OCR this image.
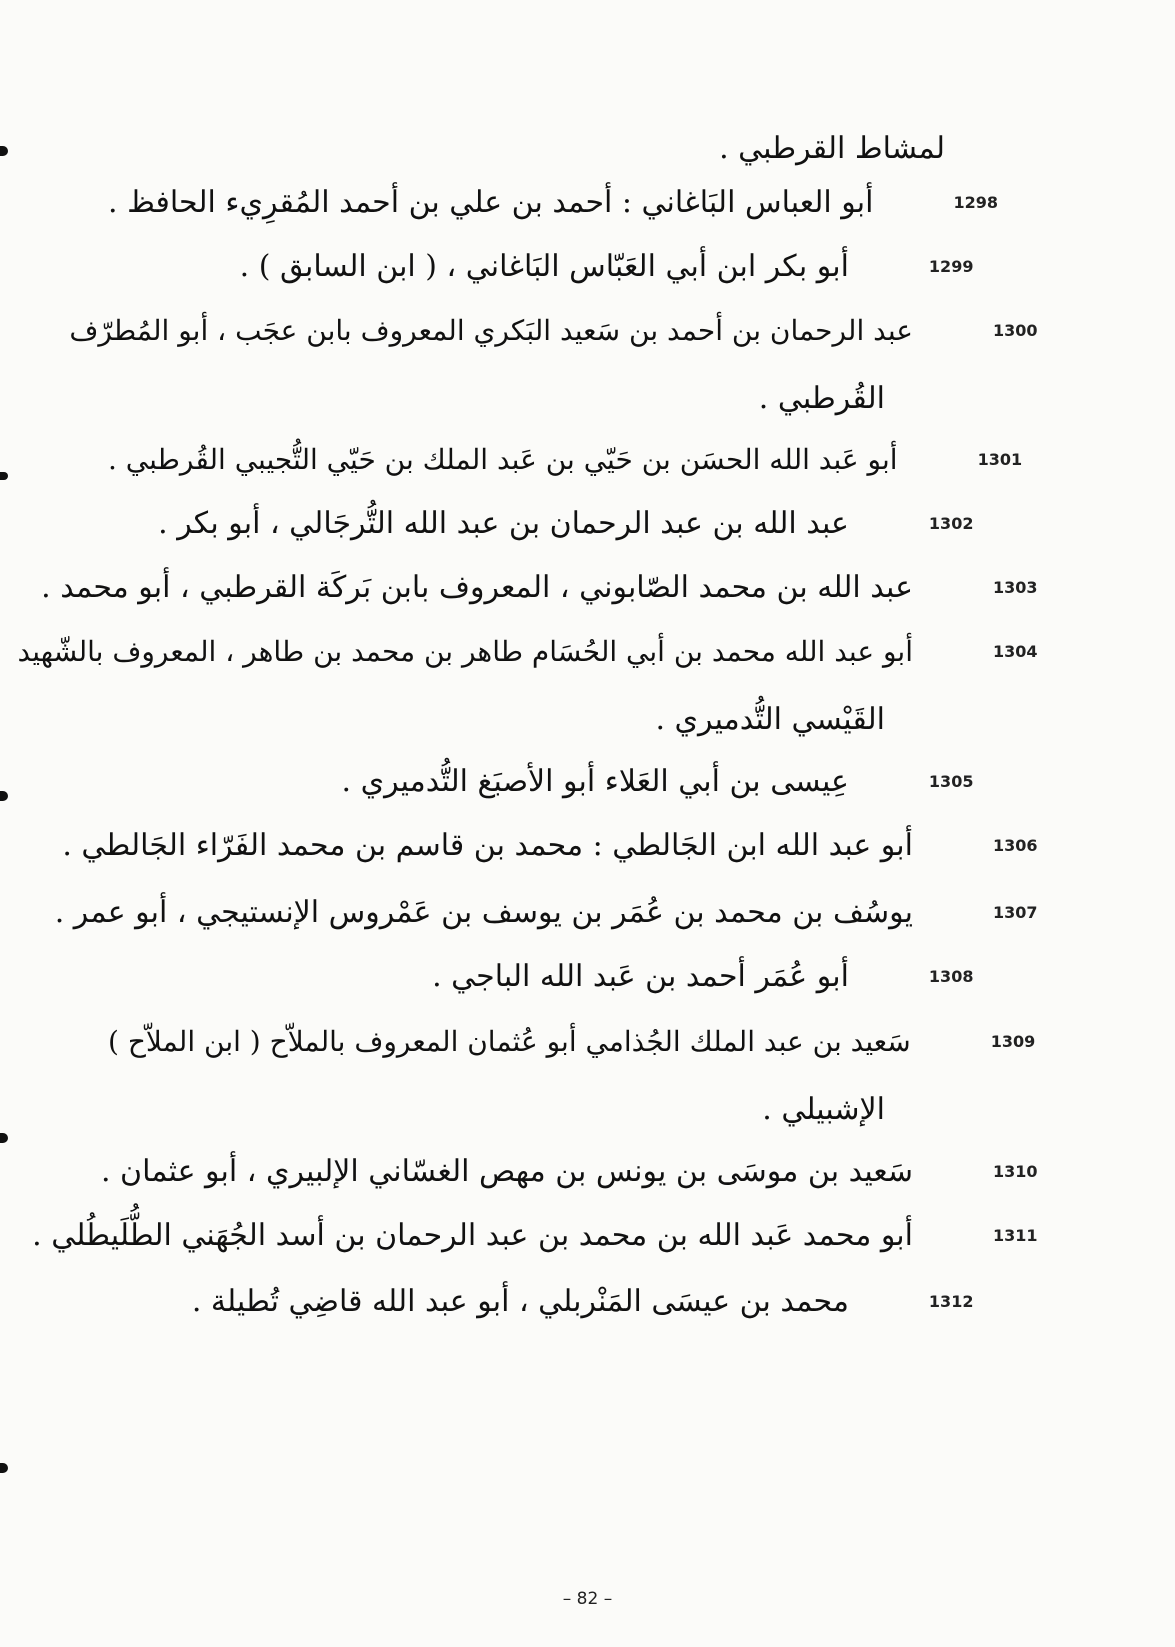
لمشاط القرطبي .
أبو العباس البَاغاني : أحمد بن علي بن أحمد المُقرِيء الحافظ .	1298
أبو بكر ابن أبي العَبّاس البَاغاني ، ( ابن السابق ) .	1299
عبد الرحمان بن أحمد بن سَعيد البَكري المعروف بابن عجَب ، أبو المُطرّف	1300
القُرطبي .
أبو عَبد الله الحسَن بن حَيّي بن عَبد الملك بن حَيّي التُّجيبي القُرطبي .	1301
عبد الله بن عبد الرحمان بن عبد الله التُّرجَالي ، أبو بكر .	1302
عبد الله بن محمد الصّابوني ، المعروف بابن بَركَة القرطبي ، أبو محمد .	1303
أبو عبد الله محمد بن أبي الحُسَام طاهر بن محمد بن طاهر ، المعروف بالشّهيد	1304
القَيْسي التُّدميري .
عِيسى بن أبي العَلاء أبو الأصبَغ التُّدميري .	1305
أبو عبد الله ابن الجَالطي : محمد بن قاسم بن محمد الفَرّاء الجَالطي .	1306
يوسُف بن محمد بن عُمَر بن يوسف بن عَمْروس الإنستيجي ، أبو عمر .	1307
أبو عُمَر أحمد بن عَبد الله الباجي .	1308
سَعيد بن عبد الملك الجُذامي أبو عُثمان المعروف بالملاّح ( ابن الملاّح )	1309
الإشبيلي .
سَعيد بن موسَى بن يونس بن مهص الغسّاني الإلبيري ، أبو عثمان .	1310
أبو محمد عَبد الله بن محمد بن عبد الرحمان بن أسد الجُهَني الطُّلَيطُلي .	1311
محمد بن عيسَى المَنْربلي ، أبو عبد الله قاضِي تُطيلة .	1312
– 82 –
